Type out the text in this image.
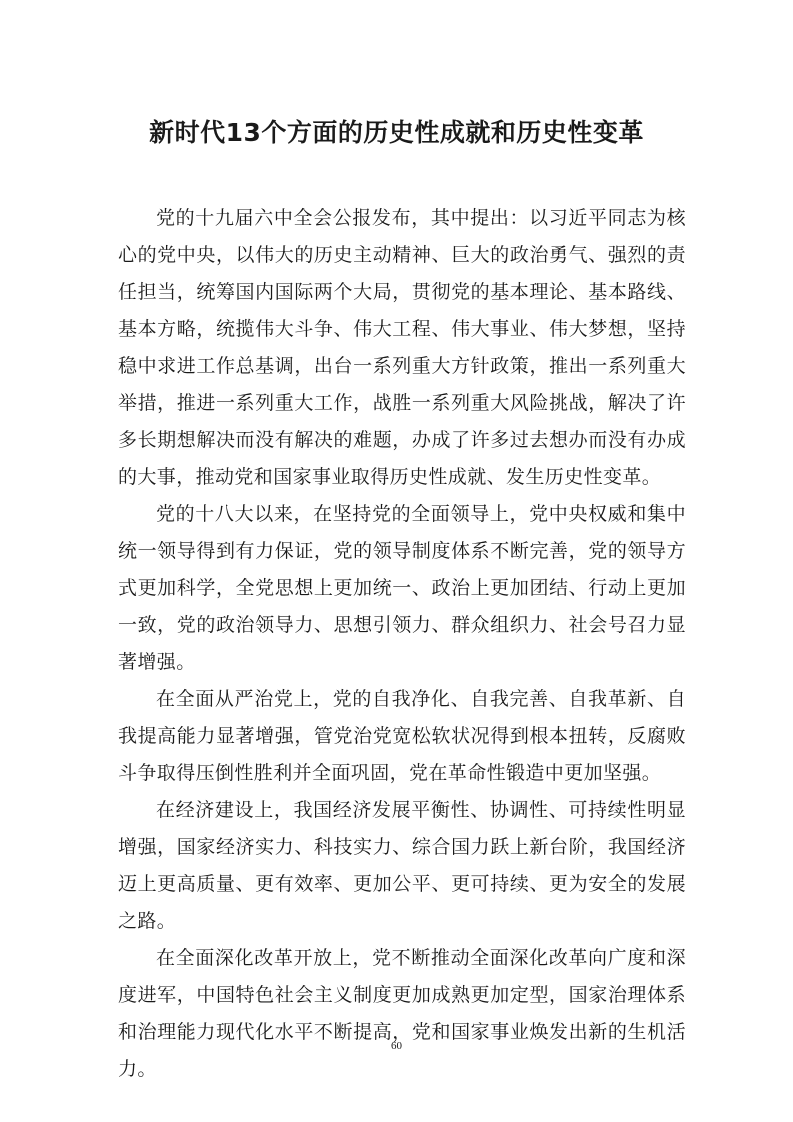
新时代13个方面的历史性成就和历史性变革

党的十九届六中全会公报发布，其中提出：以习近平同志为核心的党中央，以伟大的历史主动精神、巨大的政治勇气、强烈的责任担当，统筹国内国际两个大局，贯彻党的基本理论、基本路线、基本方略，统揽伟大斗争、伟大工程、伟大事业、伟大梦想，坚持稳中求进工作总基调，出台一系列重大方针政策，推出一系列重大举措，推进一系列重大工作，战胜一系列重大风险挑战，解决了许多长期想解决而没有解决的难题，办成了许多过去想办而没有办成的大事，推动党和国家事业取得历史性成就、发生历史性变革。

党的十八大以来，在坚持党的全面领导上，党中央权威和集中统一领导得到有力保证，党的领导制度体系不断完善，党的领导方式更加科学，全党思想上更加统一、政治上更加团结、行动上更加一致，党的政治领导力、思想引领力、群众组织力、社会号召力显著增强。

在全面从严治党上，党的自我净化、自我完善、自我革新、自我提高能力显著增强，管党治党宽松软状况得到根本扭转，反腐败斗争取得压倒性胜利并全面巩固，党在革命性锻造中更加坚强。

在经济建设上，我国经济发展平衡性、协调性、可持续性明显增强，国家经济实力、科技实力、综合国力跃上新台阶，我国经济迈上更高质量、更有效率、更加公平、更可持续、更为安全的发展之路。

在全面深化改革开放上，党不断推动全面深化改革向广度和深度进军，中国特色社会主义制度更加成熟更加定型，国家治理体系和治理能力现代化水平不断提高，党和国家事业焕发出新的生机活力。

60
